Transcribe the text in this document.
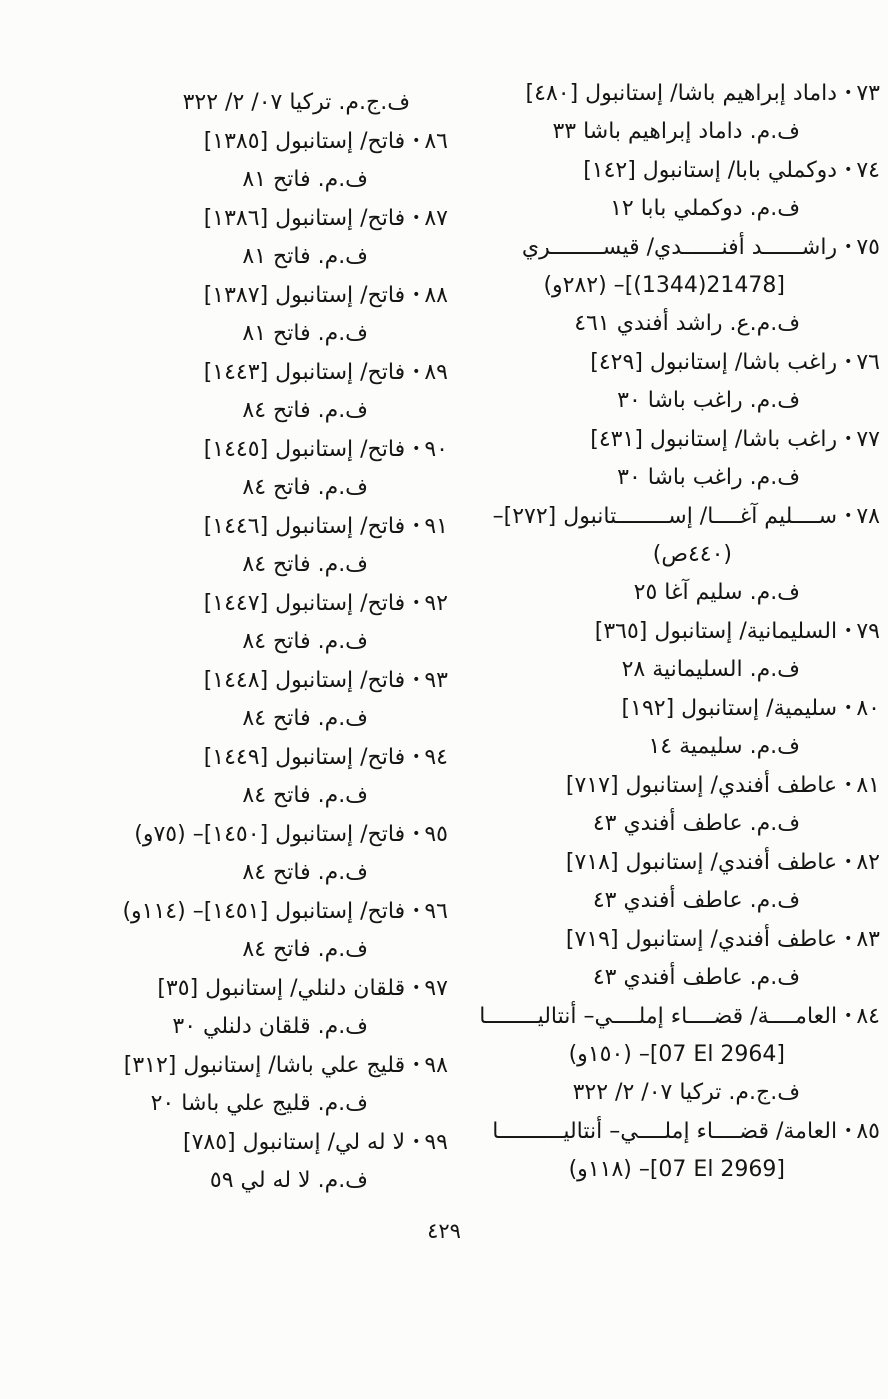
٧٣•داماد إبراهيم باشا/ إستانبول [٤٨٠]
ف.م. داماد إبراهيم باشا ٣٣
٧٤•دوكملي بابا/ إستانبول [١٤٢]
ف.م. دوكملي بابا ١٢
٧٥•راشــــــد أفنــــــدي/ قيســــــــري
[(1344)21478]– (٢٨٢و)
ف.م.ع. راشد أفندي ٤٦١
٧٦•راغب باشا/ إستانبول [٤٢٩]
ف.م. راغب باشا ٣٠
٧٧•راغب باشا/ إستانبول [٤٣١]
ف.م. راغب باشا ٣٠
٧٨•ســــليم آغــــا/ إســــــــتانبول [٢٧٢]–
(٤٤٠ص)
ف.م. سليم آغا ٢٥
٧٩•السليمانية/ إستانبول [٣٦٥]
ف.م. السليمانية ٢٨
٨٠•سليمية/ إستانبول [١٩٢]
ف.م. سليمية ١٤
٨١•عاطف أفندي/ إستانبول [٧١٧]
ف.م. عاطف أفندي ٤٣
٨٢•عاطف أفندي/ إستانبول [٧١٨]
ف.م. عاطف أفندي ٤٣
٨٣•عاطف أفندي/ إستانبول [٧١٩]
ف.م. عاطف أفندي ٤٣
٨٤•العامــــة/ قضــــاء إملــــي– أنتاليــــــــا
[07 El 2964]– (١٥٠و)
ف.ج.م. تركيا ٠٧/ ٢/ ٣٢٢
٨٥•العامة/ قضــــاء إملــــي– أنتاليــــــــــا
[07 El 2969]– (١١٨و)
ف.ج.م. تركيا ٠٧/ ٢/ ٣٢٢
٨٦•فاتح/ إستانبول [١٣٨٥]
ف.م. فاتح ٨١
٨٧•فاتح/ إستانبول [١٣٨٦]
ف.م. فاتح ٨١
٨٨•فاتح/ إستانبول [١٣٨٧]
ف.م. فاتح ٨١
٨٩•فاتح/ إستانبول [١٤٤٣]
ف.م. فاتح ٨٤
٩٠•فاتح/ إستانبول [١٤٤٥]
ف.م. فاتح ٨٤
٩١•فاتح/ إستانبول [١٤٤٦]
ف.م. فاتح ٨٤
٩٢•فاتح/ إستانبول [١٤٤٧]
ف.م. فاتح ٨٤
٩٣•فاتح/ إستانبول [١٤٤٨]
ف.م. فاتح ٨٤
٩٤•فاتح/ إستانبول [١٤٤٩]
ف.م. فاتح ٨٤
٩٥•فاتح/ إستانبول [١٤٥٠]– (٧٥و)
ف.م. فاتح ٨٤
٩٦•فاتح/ إستانبول [١٤٥١]– (١١٤و)
ف.م. فاتح ٨٤
٩٧•قلقان دلنلي/ إستانبول [٣٥]
ف.م. قلقان دلنلي ٣٠
٩٨•قليج علي باشا/ إستانبول [٣١٢]
ف.م. قليج علي باشا ٢٠
٩٩•لا له لي/ إستانبول [٧٨٥]
ف.م. لا له لي ٥٩
٤٢٩
